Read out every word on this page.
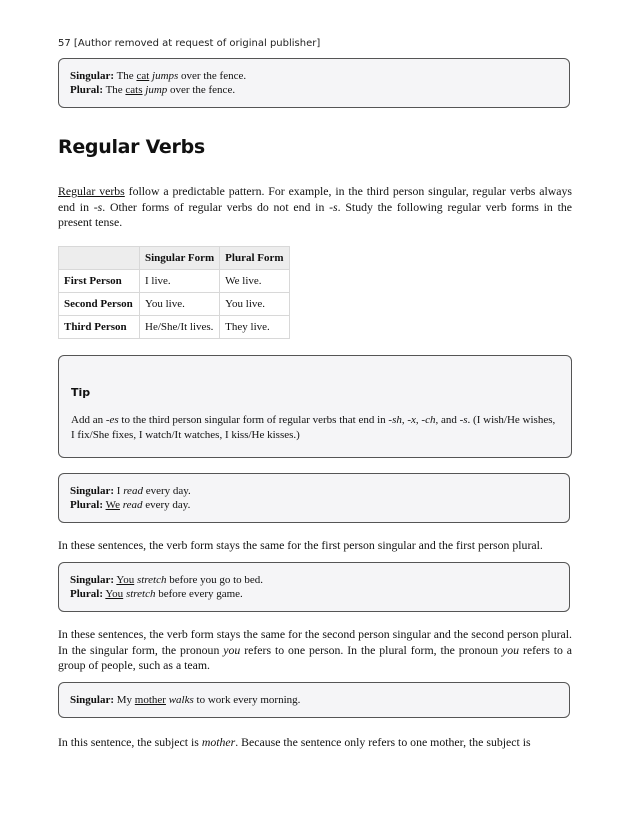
57 [Author removed at request of original publisher]
Singular: The cat jumps over the fence.
Plural: The cats jump over the fence.
Regular Verbs

Regular verbs follow a predictable pattern. For example, in the third person singular, regular verbs always end in -s. Other forms of regular verbs do not end in -s. Study the following regular verb forms in the present tense.

	Singular Form	Plural Form
First Person	I live.	We live.
Second Person	You live.	You live.
Third Person	He/She/It lives.	They live.

Tip

Add an -es to the third person singular form of regular verbs that end in -sh, -x, -ch, and -s. (I wish/He wishes, I fix/She fixes, I watch/It watches, I kiss/He kisses.)

Singular: I read every day.
Plural: We read every day.

In these sentences, the verb form stays the same for the first person singular and the first person plural.

Singular: You stretch before you go to bed.
Plural: You stretch before every game.

In these sentences, the verb form stays the same for the second person singular and the second person plural. In the singular form, the pronoun you refers to one person. In the plural form, the pronoun you refers to a group of people, such as a team.

Singular: My mother walks to work every morning.

In this sentence, the subject is mother. Because the sentence only refers to one mother, the subject is
